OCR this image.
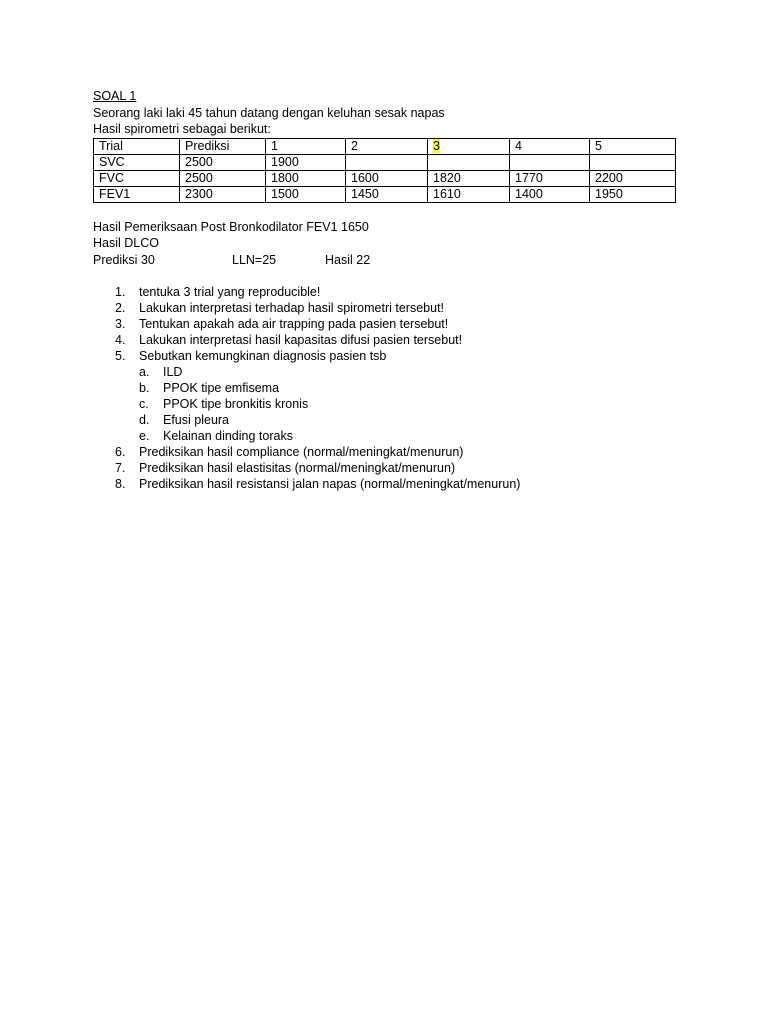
SOAL 1
Seorang laki laki 45 tahun datang dengan keluhan sesak napas
Hasil spirometri sebagai berikut:
Trial	Prediksi	1	2	3	4	5
SVC	2500	1900				
FVC	2500	1800	1600	1820	1770	2200
FEV1	2300	1500	1450	1610	1400	1950
Hasil Pemeriksaan Post Bronkodilator FEV1 1650
Hasil DLCO
Prediksi 30	LLN=25	Hasil 22
1.	tentuka 3 trial yang reproducible!
2.	Lakukan interpretasi terhadap hasil spirometri tersebut!
3.	Tentukan apakah ada air trapping pada pasien tersebut!
4.	Lakukan interpretasi hasil kapasitas difusi pasien tersebut!
5.	Sebutkan kemungkinan diagnosis pasien tsb
a. ILD
b. PPOK tipe emfisema
c. PPOK tipe bronkitis kronis
d. Efusi pleura
e. Kelainan dinding toraks
6.	Prediksikan hasil compliance (normal/meningkat/menurun)
7.	Prediksikan hasil elastisitas (normal/meningkat/menurun)
8.	Prediksikan hasil resistansi jalan napas (normal/meningkat/menurun)
